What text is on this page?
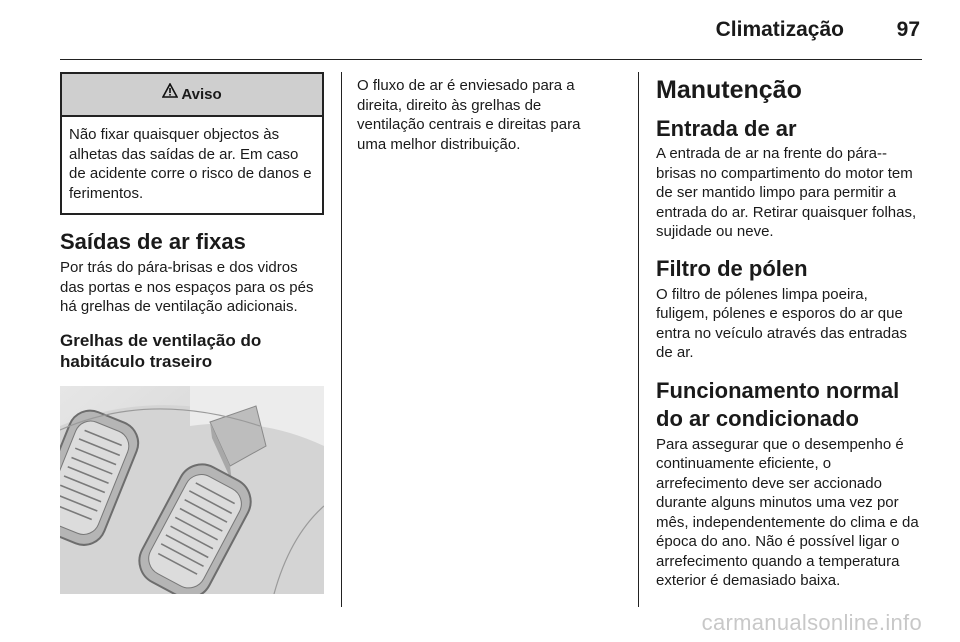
Climatização	97
Aviso
Não fixar quaisquer objectos às alhetas das saídas de ar. Em caso de acidente corre o risco de danos e ferimentos.
Saídas de ar fixas

Por trás do pára-brisas e dos vidros das portas e nos espaços para os pés há grelhas de ventilação adicionais.

Grelhas de ventilação do habitáculo traseiro

O fluxo de ar é enviesado para a direita, direito às grelhas de ventilação centrais e direitas para uma melhor distribuição.

Manutenção
Entrada de ar

A entrada de ar na frente do pára--brisas no compartimento do motor tem de ser mantido limpo para permitir a entrada do ar. Retirar quaisquer folhas, sujidade ou neve.

Filtro de pólen

O filtro de pólenes limpa poeira, fuligem, pólenes e esporos do ar que entra no veículo através das entradas de ar.

Funcionamento normal do ar condicionado

Para assegurar que o desempenho é continuamente eficiente, o arrefecimento deve ser accionado durante alguns minutos uma vez por mês, independentemente do clima e da época do ano. Não é possível ligar o arrefecimento quando a temperatura exterior é demasiado baixa.

carmanualsonline.info
